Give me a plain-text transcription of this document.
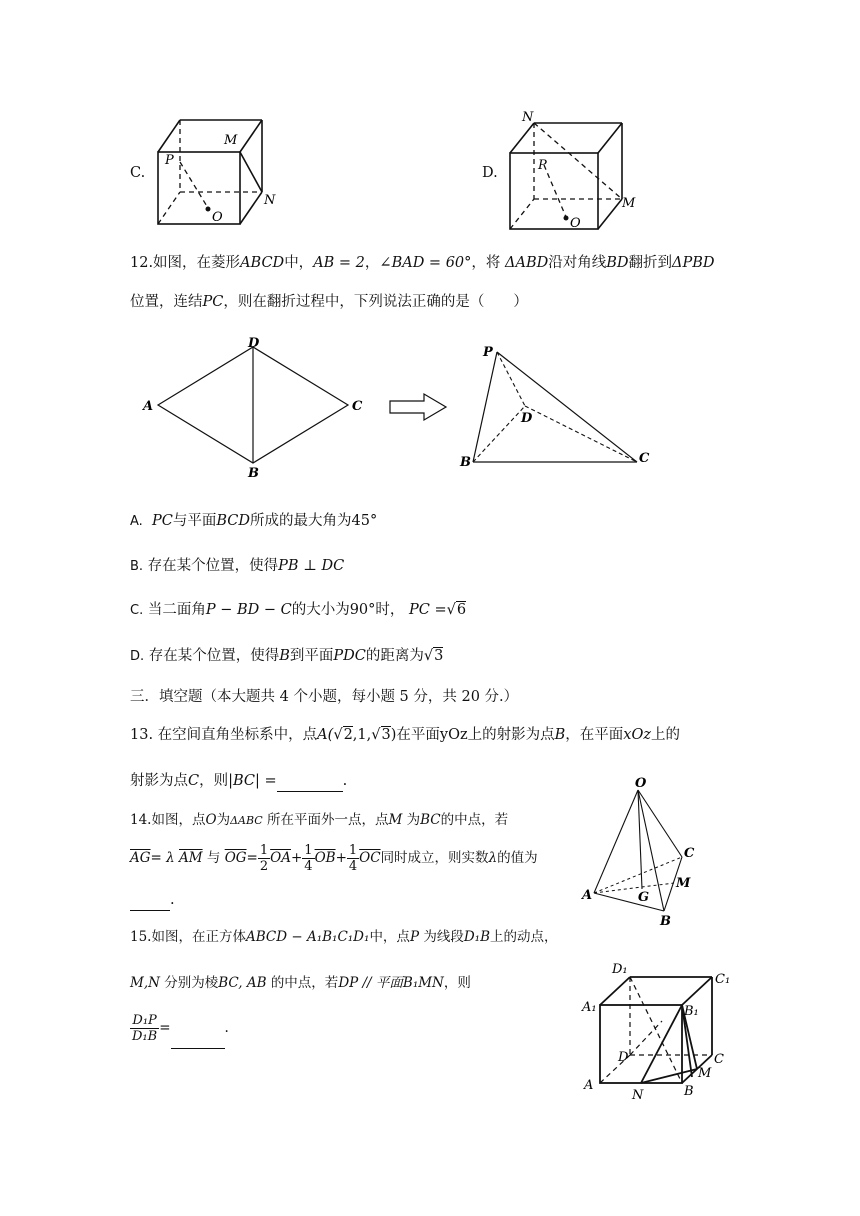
C.
P
M
N
O
D.
N
P
M
O
12.如图，在菱形ABCD中，AB = 2，∠BAD = 60°，将 ΔABD沿对角线BD翻折到ΔPBD
位置，连结PC，则在翻折过程中，下列说法正确的是（　　）
A
D
C
B
P
D
B	C
A. PC与平面BCD所成的最大角为45°
B. 存在某个位置，使得PB ⊥ DC
C. 当二面角P − BD − C的大小为90°时， PC =√6
D. 存在某个位置，使得B到平面PDC的距离为√3
三．填空题（本大题共 4 个小题，每小题 5 分，共 20 分.）
13. 在空间直角坐标系中，点A(√2,1,√3)在平面yOz上的射影为点B，在平面xOz上的
射影为点C，则|BC| =	.
14.如图，点O为ΔABC 所在平面外一点，点M 为BC的中点，若
$\overline{AG}= \lambda$ $\overline{AM}$ 与 $\overline{OG}= \frac{1}{2} \overline{OA}+ \frac{1}{4} \overline{OB}+ \frac{1}{4} \overline{OC}$同时成立，则实数λ的值为
.
O
C
M
A	G
B
15.如图，在正方体ABCD − A₁B₁C₁D₁中，点P 为线段D₁B上的动点，
M,N 分别为棱BC, AB 的中点，若DP // 平面B₁MN，则
$\frac{\text{D₁P}}{\text{D₁B}}$ =	.
D₁
C₁
A₁	B₁
D	C
M
A
N	B
